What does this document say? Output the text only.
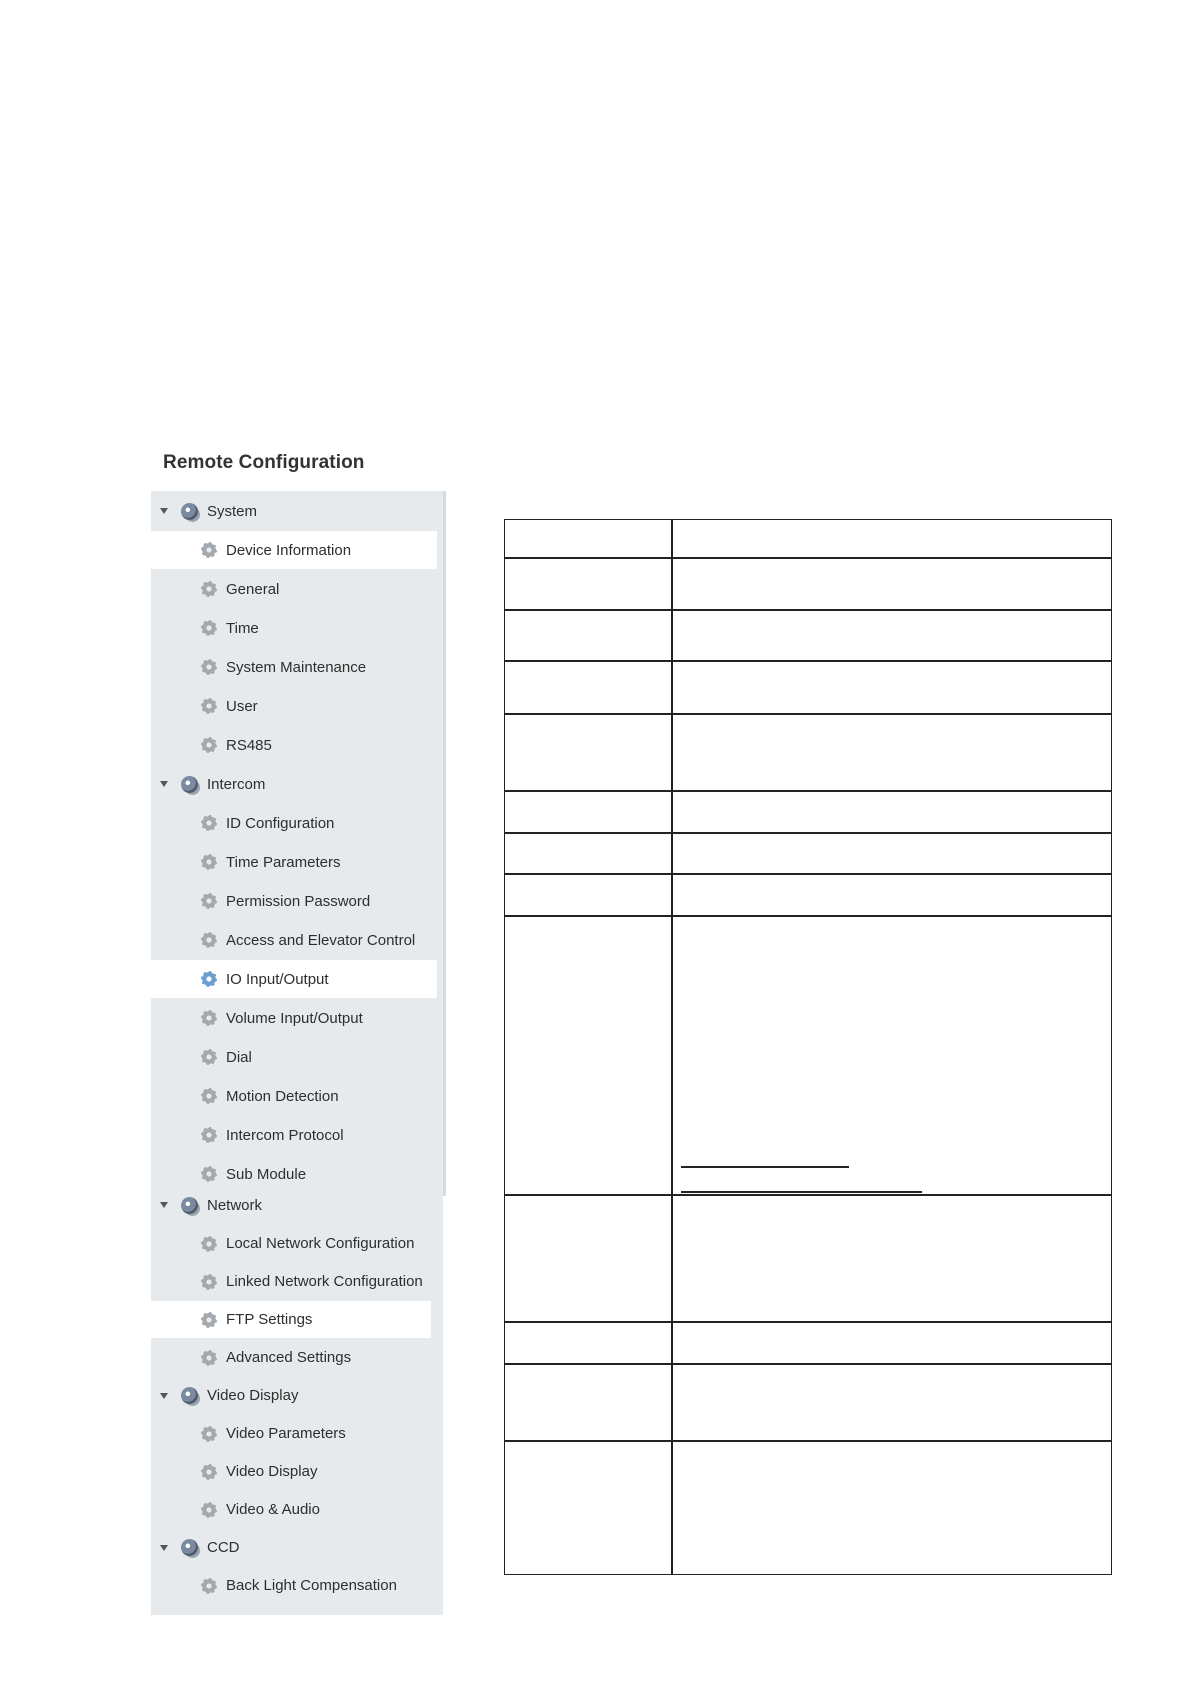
Remote Configuration
System
Device Information
General
Time
System Maintenance
User
RS485
Intercom
ID Configuration
Time Parameters
Permission Password
Access and Elevator Control
IO Input/Output
Volume Input/Output
Dial
Motion Detection
Intercom Protocol
Sub Module
Network
Local Network Configuration
Linked Network Configuration
FTP Settings
Advanced Settings
Video Display
Video Parameters
Video Display
Video & Audio
CCD
Back Light Compensation
